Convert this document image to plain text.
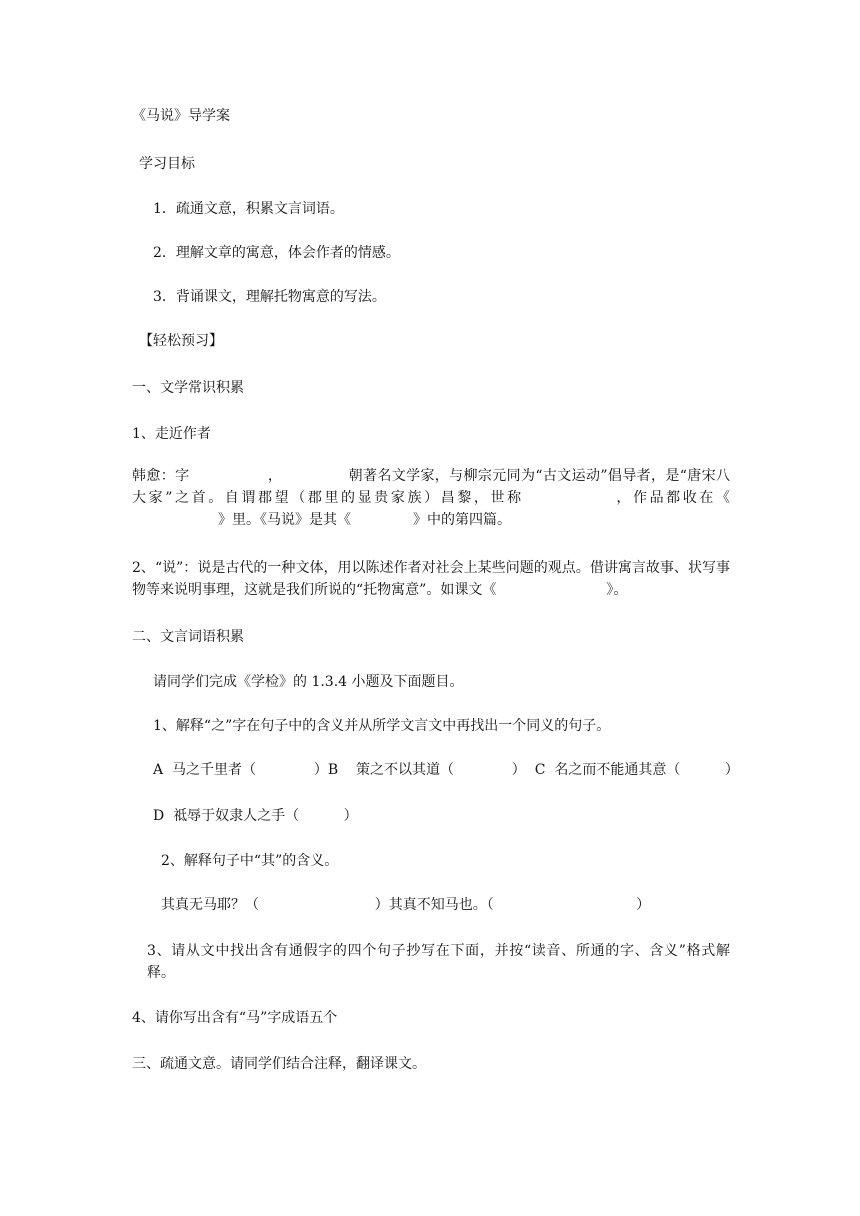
《马说》导学案
学习目标
1．疏通文意，积累文言词语。
2．理解文章的寓意，体会作者的情感。
3．背诵课文，理解托物寓意的写法。
【轻松预习】
一、文学常识积累
1、走近作者
韩愈：字	，	朝著名文学家，与柳宗元同为“古文运动”倡导者，是“唐宋八大家”之首。自谓郡望（郡里的显贵家族）昌黎，世称	，作品都收在《》里。《马说》是其《	》中的第四篇。
2、“说”：说是古代的一种文体，用以陈述作者对社会上某些问题的观点。借讲寓言故事、状写事物等来说明事理，这就是我们所说的“托物寓意”。如课文《	》。
二、文言词语积累
请同学们完成《学检》的 1.3.4 小题及下面题目。
1、解释“之”字在句子中的含义并从所学文言文中再找出一个同义的句子。
A  马之千里者（             ）B    策之不以其道（             ）  C  名之而不能通其意（          ）
D  祗辱于奴隶人之手（          ）
2、解释句子中“其”的含义。
其真无马耶？（                          ）其真不知马也。（                                ）
3、请从文中找出含有通假字的四个句子抄写在下面，并按“读音、所通的字、含义”格式解释。
4、请你写出含有“马”字成语五个
三、疏通文意。请同学们结合注释，翻译课文。
